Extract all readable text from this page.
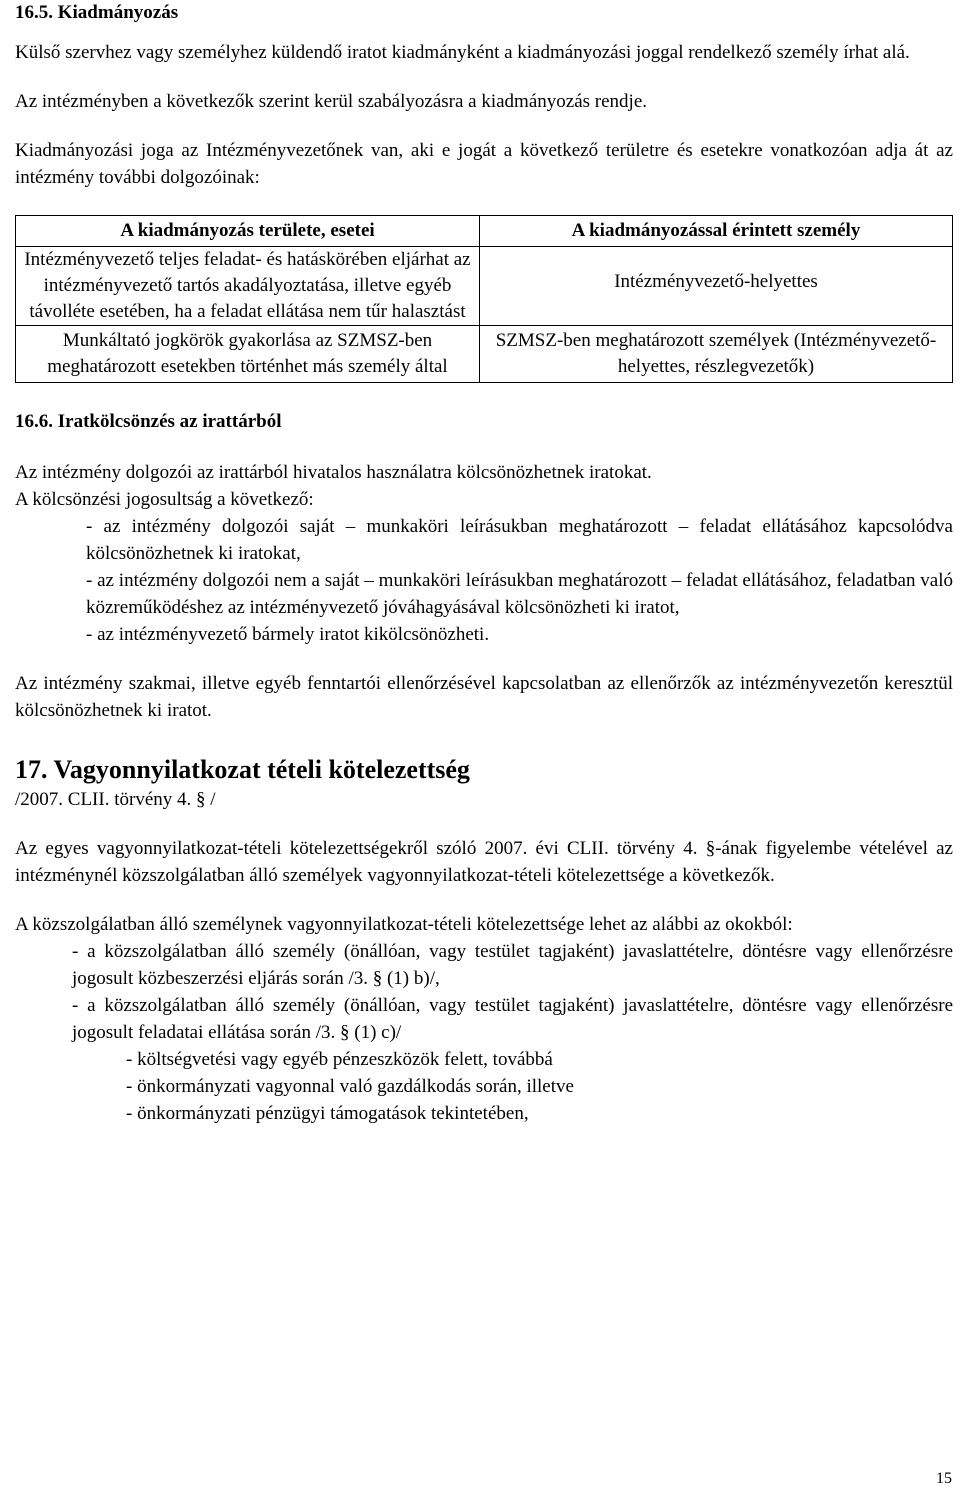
16.5. Kiadmányozás

Külső szervhez vagy személyhez küldendő iratot kiadmányként a kiadmányozási joggal rendelkező személy írhat alá.

Az intézményben a következők szerint kerül szabályozásra a kiadmányozás rendje.

Kiadmányozási joga az Intézményvezetőnek van, aki e jogát a következő területre és esetekre vonatkozóan adja át az intézmény további dolgozóinak:

A kiadmányozás területe, esetei	A kiadmányozással érintett személy
Intézményvezető teljes feladat- és hatáskörében eljárhat az intézményvezető tartós akadályoztatása, illetve egyéb távolléte esetében, ha a feladat ellátása nem tűr halasztást	Intézményvezető-helyettes
Munkáltató jogkörök gyakorlása az SZMSZ-ben meghatározott esetekben történhet más személy által	SZMSZ-ben meghatározott személyek (Intézményvezető-helyettes, részlegvezetők)
16.6. Iratkölcsönzés az irattárból

Az intézmény dolgozói az irattárból hivatalos használatra kölcsönözhetnek iratokat.

A kölcsönzési jogosultság a következő:

- az intézmény dolgozói saját – munkaköri leírásukban meghatározott – feladat ellátásához kapcsolódva kölcsönözhetnek ki iratokat,

- az intézmény dolgozói nem a saját – munkaköri leírásukban meghatározott – feladat ellátásához, feladatban való közreműködéshez az intézményvezető jóváhagyásával kölcsönözheti ki iratot,

- az intézményvezető bármely iratot kikölcsönözheti.

Az intézmény szakmai, illetve egyéb fenntartói ellenőrzésével kapcsolatban az ellenőrzők az intézményvezetőn keresztül kölcsönözhetnek ki iratot.

17. Vagyonnyilatkozat tételi kötelezettség

/2007. CLII. törvény 4. § /

Az egyes vagyonnyilatkozat-tételi kötelezettségekről szóló 2007. évi CLII. törvény 4. §-ának figyelembe vételével az intézménynél közszolgálatban álló személyek vagyonnyilatkozat-tételi kötelezettsége a következők.

A közszolgálatban álló személynek vagyonnyilatkozat-tételi kötelezettsége lehet az alábbi az okokból:

- a közszolgálatban álló személy (önállóan, vagy testület tagjaként) javaslattételre, döntésre vagy ellenőrzésre jogosult közbeszerzési eljárás során /3. § (1) b)/,

- a közszolgálatban álló személy (önállóan, vagy testület tagjaként) javaslattételre, döntésre vagy ellenőrzésre jogosult feladatai ellátása során /3. § (1) c)/

- költségvetési vagy egyéb pénzeszközök felett, továbbá

- önkormányzati vagyonnal való gazdálkodás során, illetve

- önkormányzati pénzügyi támogatások tekintetében,

15
